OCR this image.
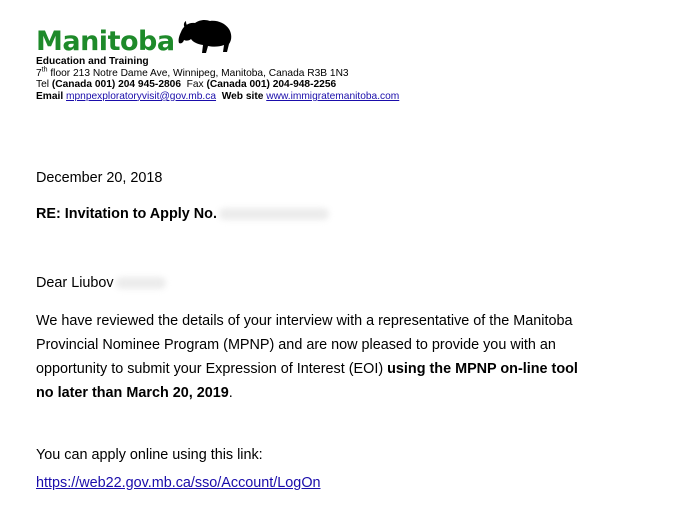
Manitoba
Education and Training
7th floor 213 Notre Dame Ave, Winnipeg, Manitoba, Canada R3B 1N3
Tel (Canada 001) 204 945-2806  Fax (Canada 001) 204-948-2256
Email mpnpexploratoryvisit@gov.mb.ca  Web site www.immigratemanitoba.com
December 20, 2018
RE: Invitation to Apply No.
Dear Liubov

We have reviewed the details of your interview with a representative of the Manitoba

Provincial Nominee Program (MPNP) and are now pleased to provide you with an

opportunity to submit your Expression of Interest (EOI) using the MPNP on-line tool

no later than March 20, 2019.

You can apply online using this link:
https://web22.gov.mb.ca/sso/Account/LogOn
